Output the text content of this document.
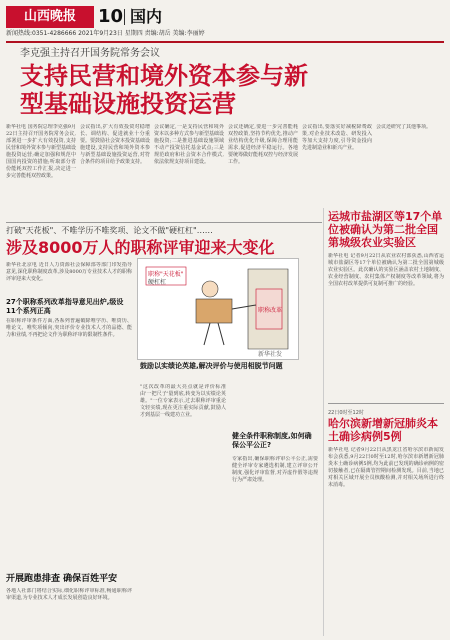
山西晚报	10 国内
新闻热线:0351-4286666 2021年9月23日 星期四 责编:胡岳 美编:李丽婷
李克强主持召开国务院常务会议
支持民营和境外资本参与新型基础设施投资运营

新华社电 国务院总理李克强9月22日主持召开国务院常务会议,部署进一步扩大有效投资,支持民营和境外资本参与新型基础设施投资运营;确定加强和规范中国国内投资的措施;听取部分省份能耗双控工作汇报,决定进一步完善能耗双控政策。

会议指出,扩大有效投资对稳增长、调结构、促进就业十分重要。要鼓励社会资本投资基础设施建设,支持民营和境外资本参与新型基础设施投资运营,对符合条件的项目给予政策支持。

会议确定,一是支持民营和境外资本以多种方式参与新型基础设施投资;二是推进基础设施领域不动产投资信托基金试点;三是规范政府和社会资本合作模式,依法依规支持项目建设。

会议还确定,要进一步完善能耗双控政策,坚持节约优先,推动产业结构优化升级,保障合理用能需求,促进经济平稳运行。各地要统筹做好能耗双控与经济发展工作。

会议指出,要落实好减税降费政策,对企业技术改造、研发投入等加大支持力度,引导资金投向先进制造业和新兴产业。

会议还研究了其他事项。

打破"天花板"、不唯学历不唯奖项、论文不做"硬杠杠"……
涉及8000万人的职称评审迎来大变化

新华社北京电 近日人力资源社会保障部等部门印发指导意见,深化职称制度改革,涉及8000万专业技术人才的职称评审迎来大变化。

27个职称系列改革指导意见出炉,级设11个系列正高

在职称评审条件方面,各系列普遍破除唯学历、唯资历、唯论文、唯奖项倾向,突出评价专业技术人才的品德、能力和业绩,不再把论文作为职称评审的限制性条件。

开展跑患排查 确保百姓平安

各地人社部门将结合实际,细化职称评审标准,畅通职称评审渠道,为专业技术人才成长发展创造良好环境。

职称"天花板"
硬杠杠
职称改革
新华社发
鼓励以实绩论英雄,解决评价与使用相脱节问题

"这次改革的最大亮点就是评价标准由'一把尺子'量到底,转变为以实绩论英雄。"一位专家表示,过去职称评审重论文轻实绩,现在更注重实际贡献,鼓励人才到基层一线建功立业。

健全条件职称制度,如何确保公平公正?

专家指出,确保职称评审公平公正,需要健全评审专家遴选机制,建立评审公开制度,强化评审监督,对弄虚作假等违规行为严肃处理。

运城市盐湖区等17个单位被确认为第二批全国第城级农业实验区

新华社电 记者9月22日从农业农村部获悉,山西省运城市盐湖区等17个单位被确认为第二批全国第城级农业实验区。此次确认的实验区涵盖农村土地制度、农业经营制度、农村集体产权制度等改革领域,将为全国农村改革提供可复制可推广的经验。

22日0时至12时
哈尔滨新增新冠肺炎本土确诊病例5例

新华社电 记者9月22日从黑龙江省哈尔滨市新闻发布会获悉,9月22日0时至12时,哈尔滨市新增新冠肺炎本土确诊病例5例,均为此前已发现的确诊病例的密切接触者,已在隔离管控期间检测发现。目前,当地已对相关区域开展全员核酸检测,并对相关场所进行终末消毒。
